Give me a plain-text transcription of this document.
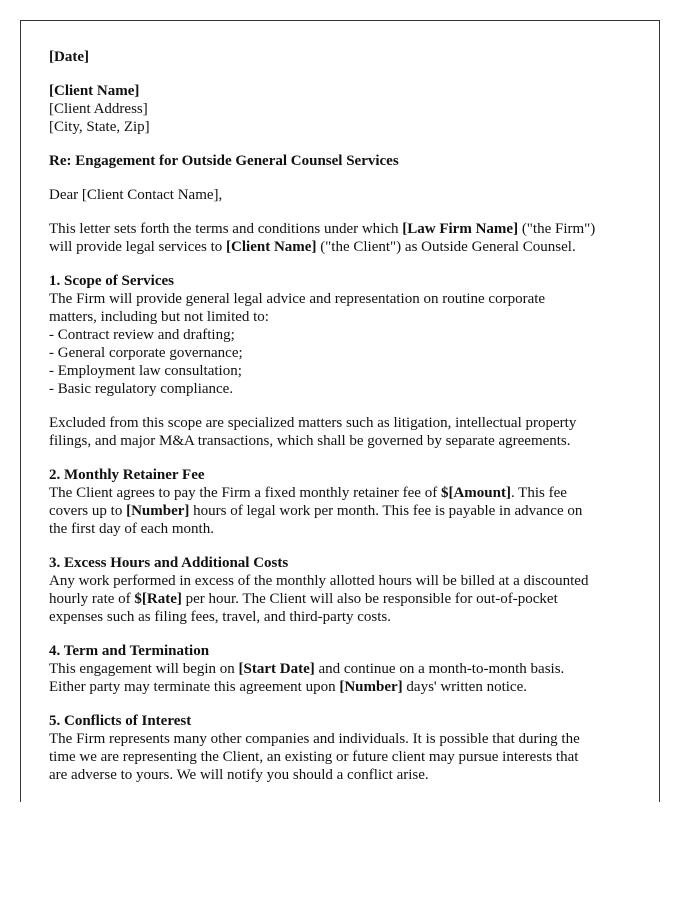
[Date]
[Client Name]
[Client Address]
[City, State, Zip]
Re: Engagement for Outside General Counsel Services
Dear [Client Contact Name],
This letter sets forth the terms and conditions under which [Law Firm Name] ("the Firm")
will provide legal services to [Client Name] ("the Client") as Outside General Counsel.
1. Scope of Services
The Firm will provide general legal advice and representation on routine corporate
matters, including but not limited to:
- Contract review and drafting;
- General corporate governance;
- Employment law consultation;
- Basic regulatory compliance.
Excluded from this scope are specialized matters such as litigation, intellectual property
filings, and major M&A transactions, which shall be governed by separate agreements.
2. Monthly Retainer Fee
The Client agrees to pay the Firm a fixed monthly retainer fee of $[Amount]. This fee
covers up to [Number] hours of legal work per month. This fee is payable in advance on
the first day of each month.
3. Excess Hours and Additional Costs
Any work performed in excess of the monthly allotted hours will be billed at a discounted
hourly rate of $[Rate] per hour. The Client will also be responsible for out-of-pocket
expenses such as filing fees, travel, and third-party costs.
4. Term and Termination
This engagement will begin on [Start Date] and continue on a month-to-month basis.
Either party may terminate this agreement upon [Number] days' written notice.
5. Conflicts of Interest
The Firm represents many other companies and individuals. It is possible that during the
time we are representing the Client, an existing or future client may pursue interests that
are adverse to yours. We will notify you should a conflict arise.
